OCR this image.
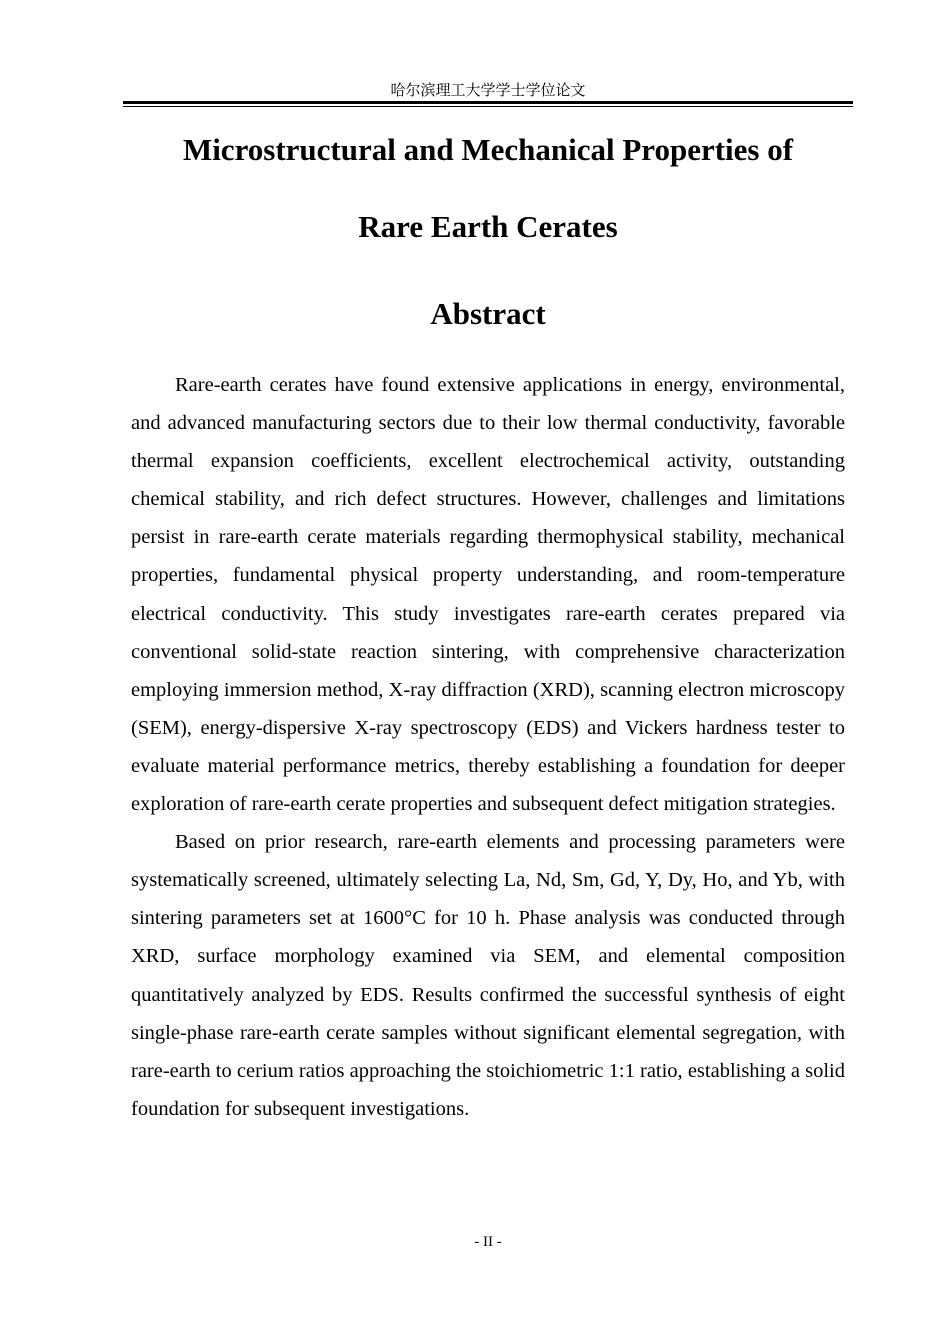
哈尔滨理工大学学士学位论文
Microstructural and Mechanical Properties of
Rare Earth Cerates
Abstract

Rare-earth cerates have found extensive applications in energy, environmental, and advanced manufacturing sectors due to their low thermal conductivity, favorable thermal expansion coefficients, excellent electrochemical activity, outstanding chemical stability, and rich defect structures. However, challenges and limitations persist in rare-earth cerate materials regarding thermophysical stability, mechanical properties, fundamental physical property understanding, and room-temperature electrical conductivity. This study investigates rare-earth cerates prepared via conventional solid-state reaction sintering, with comprehensive characterization employing immersion method, X-ray diffraction (XRD), scanning electron microscopy (SEM), energy-dispersive X-ray spectroscopy (EDS) and Vickers hardness tester to evaluate material performance metrics, thereby establishing a foundation for deeper exploration of rare-earth cerate properties and subsequent defect mitigation strategies.

Based on prior research, rare-earth elements and processing parameters were systematically screened, ultimately selecting La, Nd, Sm, Gd, Y, Dy, Ho, and Yb, with sintering parameters set at 1600°C for 10 h. Phase analysis was conducted through XRD, surface morphology examined via SEM, and elemental composition quantitatively analyzed by EDS. Results confirmed the successful synthesis of eight single-phase rare-earth cerate samples without significant elemental segregation, with rare-earth to cerium ratios approaching the stoichiometric 1:1 ratio, establishing a solid foundation for subsequent investigations.

- II -
